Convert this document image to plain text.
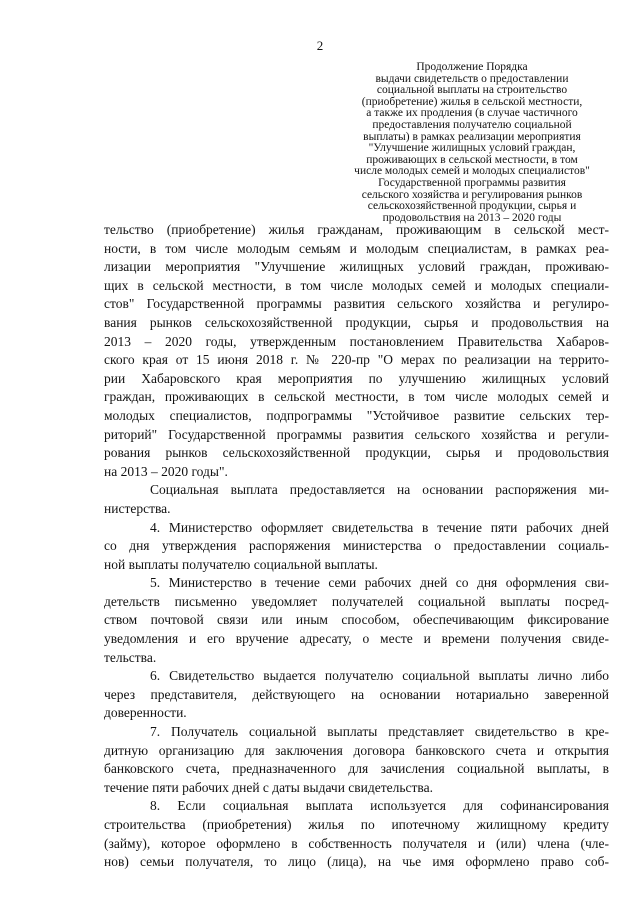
2
Продолжение Порядка
выдачи свидетельств о предоставлении
социальной выплаты на строительство
(приобретение) жилья в сельской местности,
а также их продления (в случае частичного
предоставления получателю социальной
выплаты) в рамках реализации мероприятия
"Улучшение жилищных условий граждан,
проживающих в сельской местности, в том
числе молодых семей и молодых специалистов"
Государственной программы развития
сельского хозяйства и регулирования рынков
сельскохозяйственной продукции, сырья и
продовольствия на 2013 – 2020 годы
тельство (приобретение) жилья гражданам, проживающим в сельской мест-
ности, в том числе молодым семьям и молодым специалистам, в рамках реа-
лизации мероприятия "Улучшение жилищных условий граждан, проживаю-
щих в сельской местности, в том числе молодых семей и молодых специали-
стов" Государственной программы развития сельского хозяйства и регулиро-
вания рынков сельскохозяйственной продукции, сырья и продовольствия на
2013 – 2020 годы, утвержденным постановлением Правительства Хабаров-
ского края от 15 июня 2018 г. № 220-пр "О мерах по реализации на террито-
рии Хабаровского края мероприятия по улучшению жилищных условий
граждан, проживающих в сельской местности, в том числе молодых семей и
молодых специалистов, подпрограммы "Устойчивое развитие сельских тер-
риторий" Государственной программы развития сельского хозяйства и регули-
рования рынков сельскохозяйственной продукции, сырья и продовольствия
на 2013 – 2020 годы".
Социальная выплата предоставляется на основании распоряжения ми-
нистерства.
4. Министерство оформляет свидетельства в течение пяти рабочих дней
со дня утверждения распоряжения министерства о предоставлении социаль-
ной выплаты получателю социальной выплаты.
5. Министерство в течение семи рабочих дней со дня оформления сви-
детельств письменно уведомляет получателей социальной выплаты посред-
ством почтовой связи или иным способом, обеспечивающим фиксирование
уведомления и его вручение адресату, о месте и времени получения свиде-
тельства.
6. Свидетельство выдается получателю социальной выплаты лично либо
через представителя, действующего на основании нотариально заверенной
доверенности.
7. Получатель социальной выплаты представляет свидетельство в кре-
дитную организацию для заключения договора банковского счета и открытия
банковского счета, предназначенного для зачисления социальной выплаты, в
течение пяти рабочих дней с даты выдачи свидетельства.
8. Если социальная выплата используется для софинансирования
строительства (приобретения) жилья по ипотечному жилищному кредиту
(займу), которое оформлено в собственность получателя и (или) члена (чле-
нов) семьи получателя, то лицо (лица), на чье имя оформлено право соб-
